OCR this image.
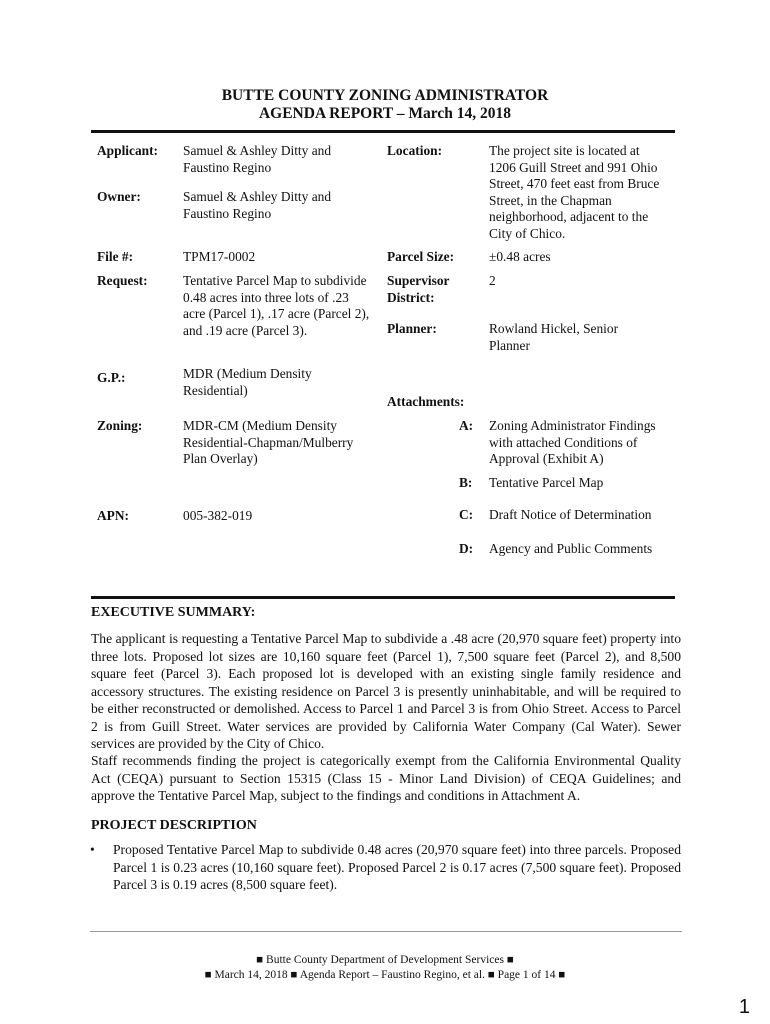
BUTTE COUNTY ZONING ADMINISTRATOR
AGENDA REPORT – March 14, 2018
Applicant: Samuel & Ashley Ditty and Faustino Regino
Owner:	Samuel & Ashley Ditty and Faustino Regino
File #:	TPM17-0002
Request:	Tentative Parcel Map to subdivide 0.48 acres into three lots of .23 acre (Parcel 1), .17 acre (Parcel 2), and .19 acre (Parcel 3).
G.P.:	MDR (Medium Density Residential)
Zoning:	MDR-CM (Medium Density Residential-Chapman/Mulberry Plan Overlay)
APN:	005-382-019
Location:	The project site is located at 1206 Guill Street and 991 Ohio Street, 470 feet east from Bruce Street, in the Chapman neighborhood, adjacent to the City of Chico.
Parcel Size:	±0.48 acres
Supervisor District:
2
Planner:	Rowland Hickel, Senior Planner
Attachments:
A: Zoning Administrator Findings with attached Conditions of Approval (Exhibit A)
B: Tentative Parcel Map
C: Draft Notice of Determination
D: Agency and Public Comments
EXECUTIVE SUMMARY:
The applicant is requesting a Tentative Parcel Map to subdivide a .48 acre (20,970 square feet) property into three lots. Proposed lot sizes are 10,160 square feet (Parcel 1), 7,500 square feet (Parcel 2), and 8,500 square feet (Parcel 3). Each proposed lot is developed with an existing single family residence and accessory structures. The existing residence on Parcel 3 is presently uninhabitable, and will be required to be either reconstructed or demolished. Access to Parcel 1 and Parcel 3 is from Ohio Street. Access to Parcel 2 is from Guill Street. Water services are provided by California Water Company (Cal Water). Sewer services are provided by the City of Chico.
Staff recommends finding the project is categorically exempt from the California Environmental Quality Act (CEQA) pursuant to Section 15315 (Class 15 - Minor Land Division) of CEQA Guidelines; and approve the Tentative Parcel Map, subject to the findings and conditions in Attachment A.
PROJECT DESCRIPTION
• Proposed Tentative Parcel Map to subdivide 0.48 acres (20,970 square feet) into three parcels. Proposed Parcel 1 is 0.23 acres (10,160 square feet). Proposed Parcel 2 is 0.17 acres (7,500 square feet). Proposed Parcel 3 is 0.19 acres (8,500 square feet).
■ Butte County Department of Development Services ■
■ March 14, 2018 ■ Agenda Report – Faustino Regino, et al. ■ Page 1 of 14 ■
1
